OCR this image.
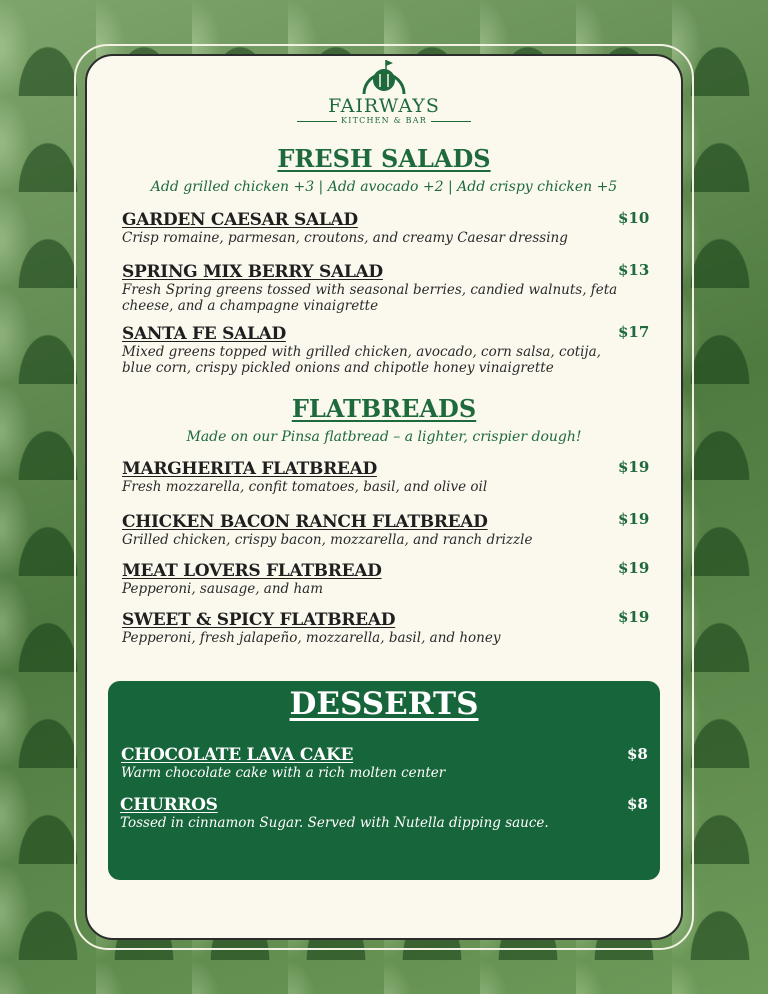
FAIRWAYS
KITCHEN & BAR
FRESH SALADS
Add grilled chicken +3 | Add avocado +2 | Add crispy chicken +5
GARDEN CAESAR SALAD
Crisp romaine, parmesan, croutons, and creamy Caesar dressing
$10
SPRING MIX BERRY SALAD
Fresh Spring greens tossed with seasonal berries, candied walnuts, feta cheese, and a champagne vinaigrette
$13
SANTA FE SALAD
Mixed greens topped with grilled chicken, avocado, corn salsa, cotija, blue corn, crispy pickled onions and chipotle honey vinaigrette
$17
FLATBREADS
Made on our Pinsa flatbread – a lighter, crispier dough!
MARGHERITA FLATBREAD
Fresh mozzarella, confit tomatoes, basil, and olive oil
$19
CHICKEN BACON RANCH FLATBREAD
Grilled chicken, crispy bacon, mozzarella, and ranch drizzle
$19
MEAT LOVERS FLATBREAD
Pepperoni, sausage, and ham
$19
SWEET & SPICY FLATBREAD
Pepperoni, fresh jalapeño, mozzarella, basil, and honey
$19
DESSERTS
CHOCOLATE LAVA CAKE
Warm chocolate cake with a rich molten center
$8
CHURROS
Tossed in cinnamon Sugar. Served with Nutella dipping sauce.
$8
